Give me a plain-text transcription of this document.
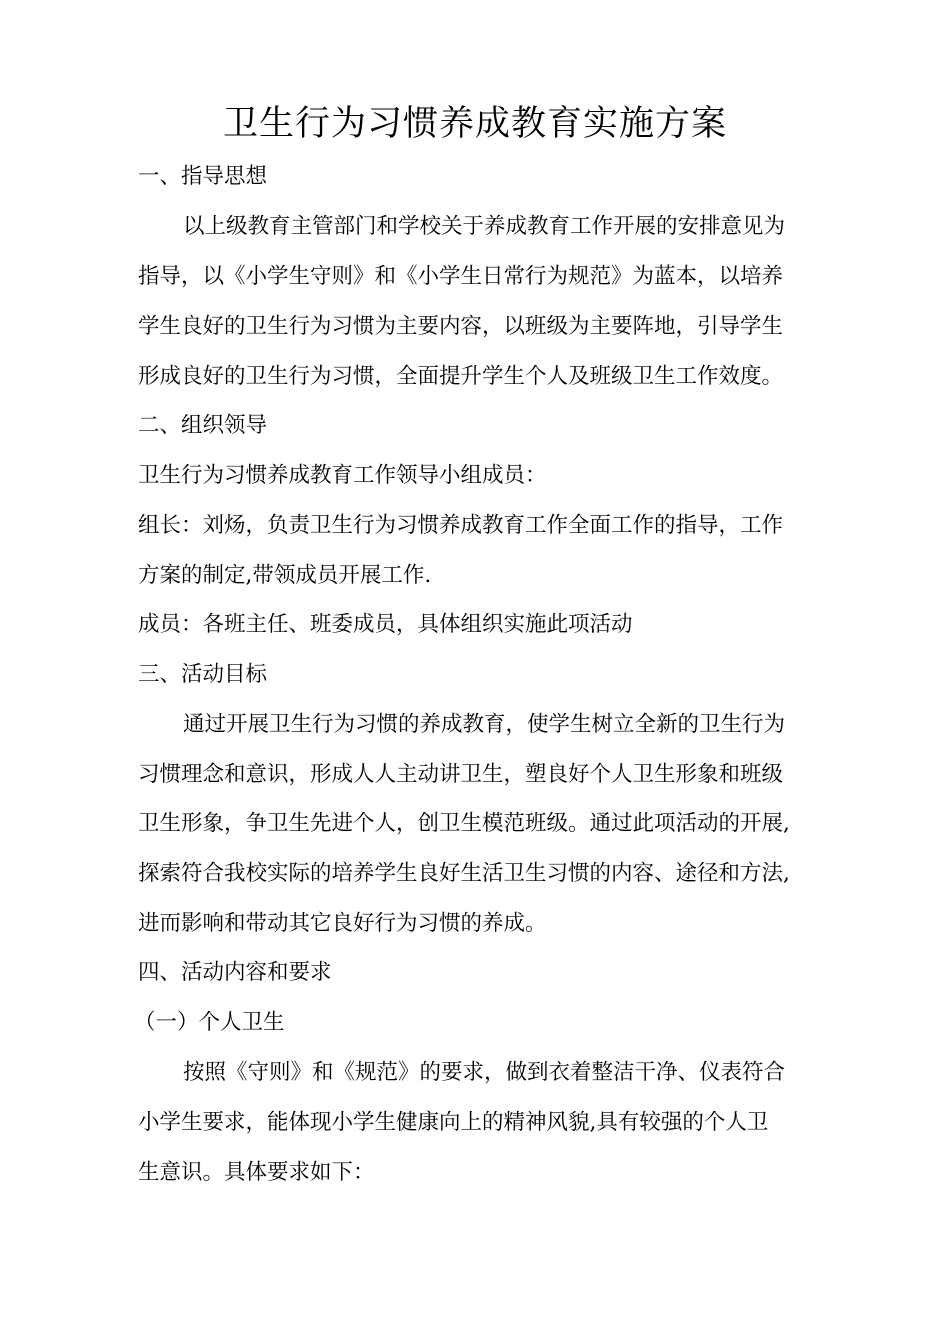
卫生行为习惯养成教育实施方案
一、指导思想
以上级教育主管部门和学校关于养成教育工作开展的安排意见为
指导，以《小学生守则》和《小学生日常行为规范》为蓝本，以培养
学生良好的卫生行为习惯为主要内容，以班级为主要阵地，引导学生
形成良好的卫生行为习惯，全面提升学生个人及班级卫生工作效度。
二、组织领导
卫生行为习惯养成教育工作领导小组成员：
组长：刘炀，负责卫生行为习惯养成教育工作全面工作的指导，工作
方案的制定,带领成员开展工作.
成员：各班主任、班委成员，具体组织实施此项活动
三、活动目标
通过开展卫生行为习惯的养成教育，使学生树立全新的卫生行为
习惯理念和意识，形成人人主动讲卫生，塑良好个人卫生形象和班级
卫生形象，争卫生先进个人，创卫生模范班级。通过此项活动的开展,
探索符合我校实际的培养学生良好生活卫生习惯的内容、途径和方法,
进而影响和带动其它良好行为习惯的养成。
四、活动内容和要求
（一）个人卫生
按照《守则》和《规范》的要求，做到衣着整洁干净、仪表符合
小学生要求，能体现小学生健康向上的精神风貌,具有较强的个人卫
生意识。具体要求如下：
